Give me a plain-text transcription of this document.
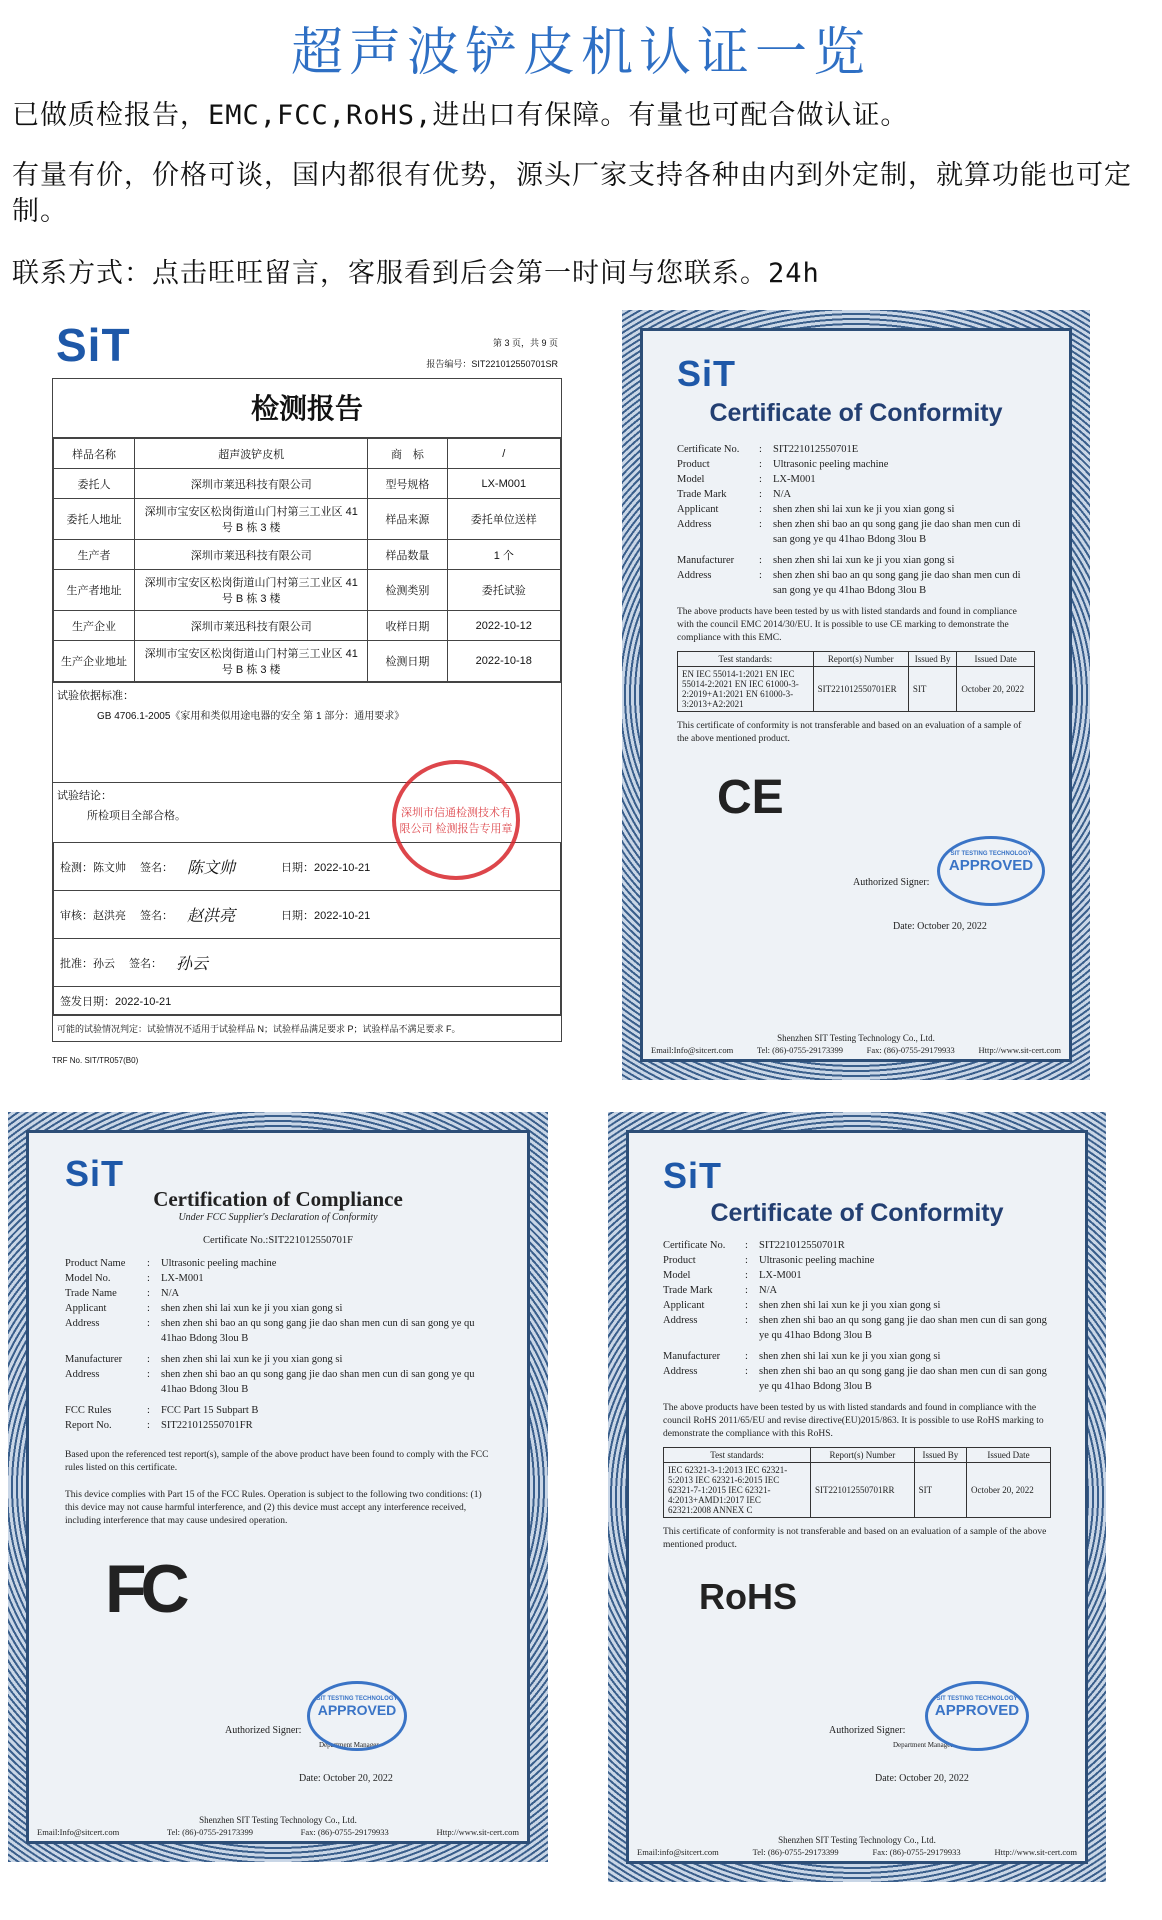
超声波铲皮机认证一览
已做质检报告，EMC,FCC,RoHS,进出口有保障。有量也可配合做认证。
有量有价，价格可谈，国内都很有优势，源头厂家支持各种由内到外定制，就算功能也可定制。
联系方式：点击旺旺留言，客服看到后会第一时间与您联系。24h
SiT	第 3 页，共 9 页
报告编号：SIT221012550701SR
检测报告
样品名称	超声波铲皮机	商　标	/
委托人	深圳市莱迅科技有限公司	型号规格	LX-M001
委托人地址	深圳市宝安区松岗街道山门村第三工业区 41 号 B 栋 3 楼	样品来源	委托单位送样
生产者	深圳市莱迅科技有限公司	样品数量	1 个
生产者地址	深圳市宝安区松岗街道山门村第三工业区 41 号 B 栋 3 楼	检测类别	委托试验
生产企业	深圳市莱迅科技有限公司	收样日期	2022-10-12
生产企业地址	深圳市宝安区松岗街道山门村第三工业区 41 号 B 栋 3 楼	检测日期	2022-10-18
试验依据标准：
GB 4706.1-2005《家用和类似用途电器的安全 第 1 部分：通用要求》
试验结论：
所检项目全部合格。
检测：陈文帅 签名： 陈文帅	日期：2022-10-21
审核：赵洪亮 签名： 赵洪亮	日期：2022-10-21
批准：孙云 签名： 孙云
签发日期：2022-10-21
可能的试验情况判定：试验情况不适用于试验样品 N；试验样品满足要求 P；试验样品不满足要求 F。
深圳市信通检测技术有限公司 检测报告专用章
TRF No. SIT/TR057(B0)
SiT
Certificate of Conformity
Certificate No.	:	SIT221012550701E
Product	:	Ultrasonic peeling machine
Model	:	LX-M001
Trade Mark	:	N/A
Applicant	:	shen zhen shi lai xun ke ji you xian gong si
Address	:	shen zhen shi bao an qu song gang jie dao shan men cun di san gong ye qu 41hao Bdong 3lou B
Manufacturer	:	shen zhen shi lai xun ke ji you xian gong si
Address	:	shen zhen shi bao an qu song gang jie dao shan men cun di san gong ye qu 41hao Bdong 3lou B
The above products have been tested by us with listed standards and found in compliance with the council EMC 2014/30/EU. It is possible to use CE marking to demonstrate the compliance with this EMC.
Test standards:	Report(s) Number	Issued By	Issued Date
EN IEC 55014-1:2021 EN IEC 55014-2:2021 EN IEC 61000-3-2:2019+A1:2021 EN 61000-3-3:2013+A2:2021	SIT221012550701ER	SIT	October 20, 2022
This certificate of conformity is not transferable and based on an evaluation of a sample of the above mentioned product.
CE
Authorized Signer:
SIT TESTING TECHNOLOGY
APPROVED
Date: October 20, 2022
Shenzhen SIT Testing Technology Co., Ltd.
Email:Info@sitcert.com	Tel: (86)-0755-29173399	Fax: (86)-0755-29179933	Http://www.sit-cert.com
SiT
Certification of Compliance
Under FCC Supplier's Declaration of Conformity
Certificate No.:SIT221012550701F
Product Name	:	Ultrasonic peeling machine
Model No.	:	LX-M001
Trade Name	:	N/A
Applicant	:	shen zhen shi lai xun ke ji you xian gong si
Address	:	shen zhen shi bao an qu song gang jie dao shan men cun di san gong ye qu 41hao Bdong 3lou B
Manufacturer	:	shen zhen shi lai xun ke ji you xian gong si
Address	:	shen zhen shi bao an qu song gang jie dao shan men cun di san gong ye qu 41hao Bdong 3lou B
FCC Rules	:	FCC Part 15 Subpart B
Report No.	:	SIT221012550701FR
Based upon the referenced test report(s), sample of the above product have been found to comply with the FCC rules listed on this certificate.
This device complies with Part 15 of the FCC Rules. Operation is subject to the following two conditions: (1) this device may not cause harmful interference, and (2) this device must accept any interference received, including interference that may cause undesired operation.
FC
Authorized Signer:
Department Manager
SIT TESTING TECHNOLOGY
APPROVED
Date: October 20, 2022
Shenzhen SIT Testing Technology Co., Ltd.
Email:Info@sitcert.com	Tel: (86)-0755-29173399	Fax: (86)-0755-29179933	Http://www.sit-cert.com
SiT
Certificate of Conformity
Certificate No.	:	SIT221012550701R
Product	:	Ultrasonic peeling machine
Model	:	LX-M001
Trade Mark	:	N/A
Applicant	:	shen zhen shi lai xun ke ji you xian gong si
Address	:	shen zhen shi bao an qu song gang jie dao shan men cun di san gong ye qu 41hao Bdong 3lou B
Manufacturer	:	shen zhen shi lai xun ke ji you xian gong si
Address	:	shen zhen shi bao an qu song gang jie dao shan men cun di san gong ye qu 41hao Bdong 3lou B
The above products have been tested by us with listed standards and found in compliance with the council RoHS 2011/65/EU and revise directive(EU)2015/863. It is possible to use RoHS marking to demonstrate the compliance with this RoHS.
Test standards:	Report(s) Number	Issued By	Issued Date
IEC 62321-3-1:2013 IEC 62321-5:2013 IEC 62321-6:2015 IEC 62321-7-1:2015 IEC 62321-4:2013+AMD1:2017 IEC 62321:2008 ANNEX C	SIT221012550701RR	SIT	October 20, 2022
This certificate of conformity is not transferable and based on an evaluation of a sample of the above mentioned product.
RoHS
Authorized Signer:
Department Manager
SIT TESTING TECHNOLOGY
APPROVED
Date: October 20, 2022
Shenzhen SIT Testing Technology Co., Ltd.
Email:info@sitcert.com	Tel: (86)-0755-29173399	Fax: (86)-0755-29179933	Http://www.sit-cert.com
